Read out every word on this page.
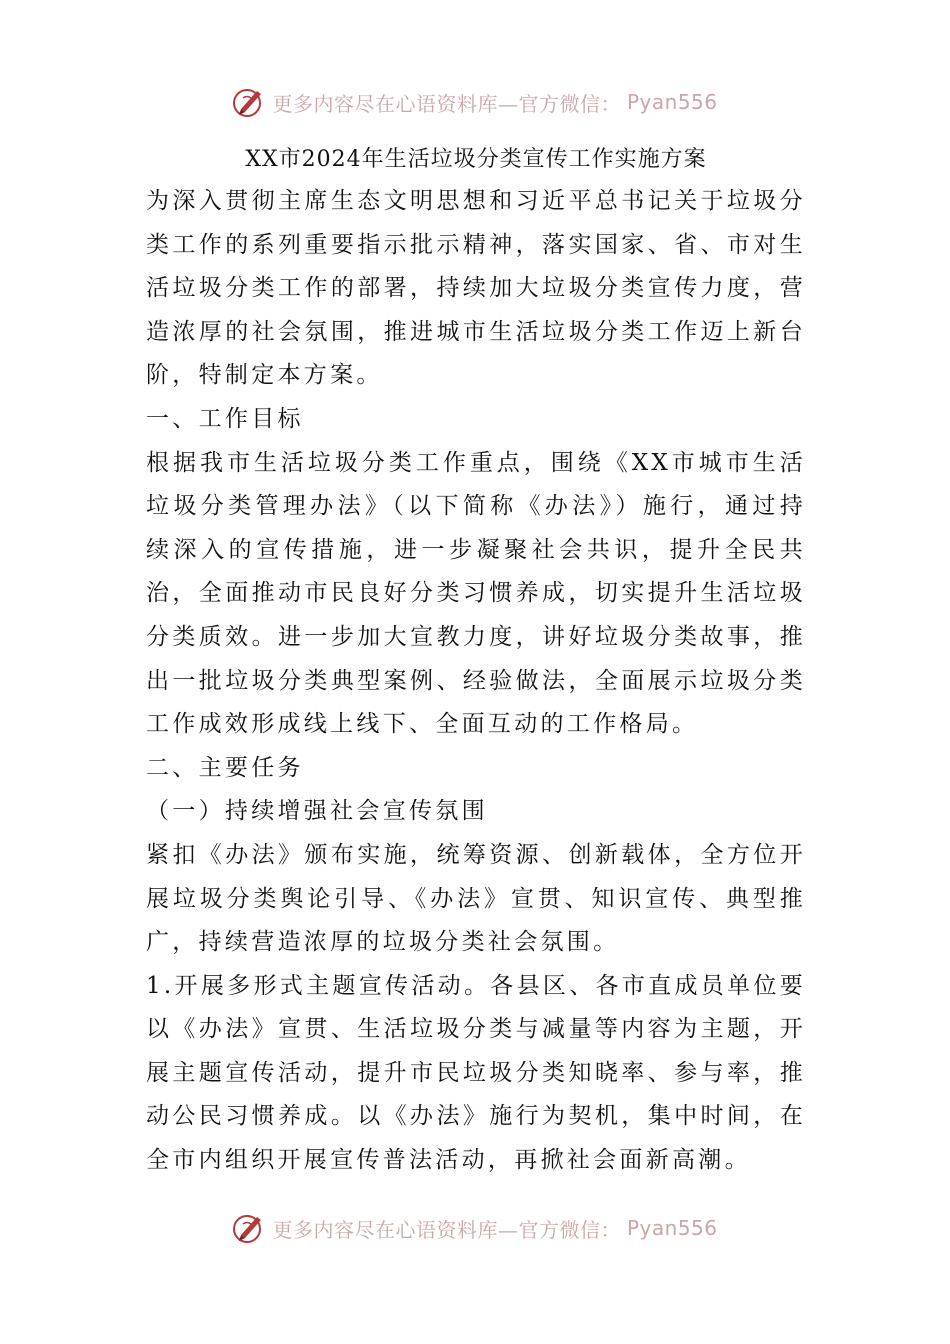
更多内容尽在心语资料库—官方微信： Pyan556
XX市2024年生活垃圾分类宣传工作实施方案

为深入贯彻主席生态文明思想和习近平总书记关于垃圾分类工作的系列重要指示批示精神，落实国家、省、市对生活垃圾分类工作的部署，持续加大垃圾分类宣传力度，营造浓厚的社会氛围，推进城市生活垃圾分类工作迈上新台阶，特制定本方案。

一、工作目标

根据我市生活垃圾分类工作重点，围绕《XX市城市生活垃圾分类管理办法》（以下简称《办法》）施行，通过持续深入的宣传措施，进一步凝聚社会共识，提升全民共治，全面推动市民良好分类习惯养成，切实提升生活垃圾分类质效。进一步加大宣教力度，讲好垃圾分类故事，推出一批垃圾分类典型案例、经验做法，全面展示垃圾分类工作成效形成线上线下、全面互动的工作格局。

二、主要任务

（一）持续增强社会宣传氛围

紧扣《办法》颁布实施，统筹资源、创新载体，全方位开展垃圾分类舆论引导、《办法》宣贯、知识宣传、典型推广，持续营造浓厚的垃圾分类社会氛围。

1.开展多形式主题宣传活动。各县区、各市直成员单位要以《办法》宣贯、生活垃圾分类与减量等内容为主题，开展主题宣传活动，提升市民垃圾分类知晓率、参与率，推动公民习惯养成。以《办法》施行为契机，集中时间，在全市内组织开展宣传普法活动，再掀社会面新高潮。

更多内容尽在心语资料库—官方微信： Pyan556
